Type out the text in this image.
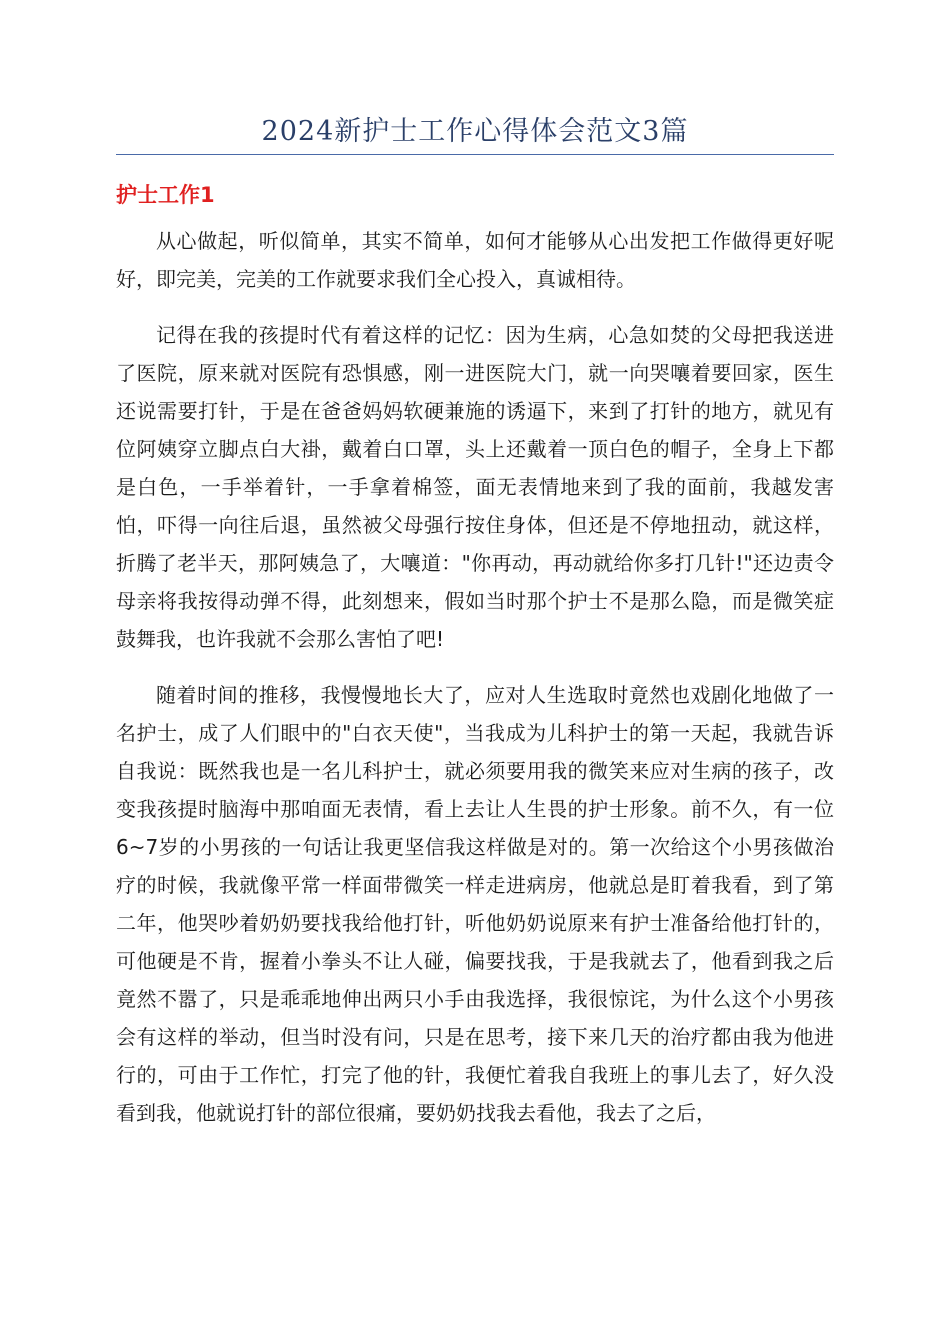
2024新护士工作心得体会范文3篇
护士工作1

从心做起，听似简单，其实不简单，如何才能够从心出发把工作做得更好呢好，即完美，完美的工作就要求我们全心投入，真诚相待。

记得在我的孩提时代有着这样的记忆：因为生病，心急如焚的父母把我送进了医院，原来就对医院有恐惧感，刚一进医院大门，就一向哭嚷着要回家，医生还说需要打针，于是在爸爸妈妈软硬兼施的诱逼下，来到了打针的地方，就见有位阿姨穿立脚点白大褂，戴着白口罩，头上还戴着一顶白色的帽子，全身上下都是白色，一手举着针，一手拿着棉签，面无表情地来到了我的面前，我越发害怕，吓得一向往后退，虽然被父母强行按住身体，但还是不停地扭动，就这样，折腾了老半天，那阿姨急了，大嚷道："你再动，再动就给你多打几针!"还边责令母亲将我按得动弹不得，此刻想来，假如当时那个护士不是那么隐，而是微笑症鼓舞我，也许我就不会那么害怕了吧!

随着时间的推移，我慢慢地长大了，应对人生选取时竟然也戏剧化地做了一名护士，成了人们眼中的"白衣天使"，当我成为儿科护士的第一天起，我就告诉自我说：既然我也是一名儿科护士，就必须要用我的微笑来应对生病的孩子，改变我孩提时脑海中那咱面无表情，看上去让人生畏的护士形象。前不久，有一位6~7岁的小男孩的一句话让我更坚信我这样做是对的。第一次给这个小男孩做治疗的时候，我就像平常一样面带微笑一样走进病房，他就总是盯着我看，到了第二年，他哭吵着奶奶要找我给他打针，听他奶奶说原来有护士准备给他打针的，可他硬是不肯，握着小拳头不让人碰，偏要找我，于是我就去了，他看到我之后竟然不嚣了，只是乖乖地伸出两只小手由我选择，我很惊诧，为什么这个小男孩会有这样的举动，但当时没有问，只是在思考，接下来几天的治疗都由我为他进行的，可由于工作忙，打完了他的针，我便忙着我自我班上的事儿去了，好久没看到我，他就说打针的部位很痛，要奶奶找我去看他，我去了之后，
